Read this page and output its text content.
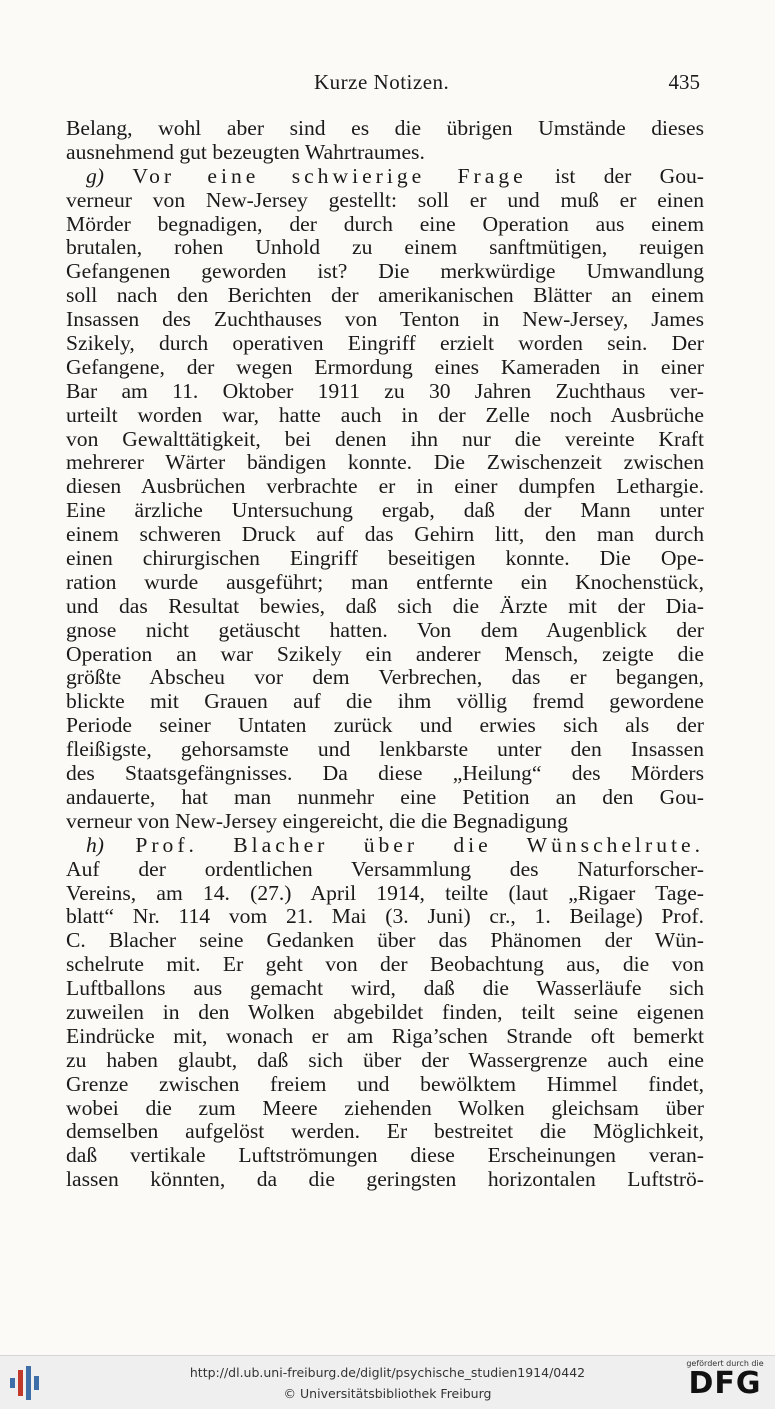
Kurze Notizen.	435
Belang, wohl aber sind es die übrigen Umstände dieses
ausnehmend gut bezeugten Wahrtraumes.
g) Vor eine schwierige Frage ist der Gou-
verneur von New-Jersey gestellt: soll er und muß er einen
Mörder begnadigen, der durch eine Operation aus einem
brutalen, rohen Unhold zu einem sanftmütigen, reuigen
Gefangenen geworden ist? Die merkwürdige Umwandlung
soll nach den Berichten der amerikanischen Blätter an einem
Insassen des Zuchthauses von Tenton in New-Jersey, James
Szikely, durch operativen Eingriff erzielt worden sein. Der
Gefangene, der wegen Ermordung eines Kameraden in einer
Bar am 11. Oktober 1911 zu 30 Jahren Zuchthaus ver-
urteilt worden war, hatte auch in der Zelle noch Ausbrüche
von Gewalttätigkeit, bei denen ihn nur die vereinte Kraft
mehrerer Wärter bändigen konnte. Die Zwischenzeit zwischen
diesen Ausbrüchen verbrachte er in einer dumpfen Lethargie.
Eine ärzliche Untersuchung ergab, daß der Mann unter
einem schweren Druck auf das Gehirn litt, den man durch
einen chirurgischen Eingriff beseitigen konnte. Die Ope-
ration wurde ausgeführt; man entfernte ein Knochenstück,
und das Resultat bewies, daß sich die Ärzte mit der Dia-
gnose nicht getäuscht hatten. Von dem Augenblick der
Operation an war Szikely ein anderer Mensch, zeigte die
größte Abscheu vor dem Verbrechen, das er begangen,
blickte mit Grauen auf die ihm völlig fremd gewordene
Periode seiner Untaten zurück und erwies sich als der
fleißigste, gehorsamste und lenkbarste unter den Insassen
des Staatsgefängnisses. Da diese „Heilung“ des Mörders
andauerte, hat man nunmehr eine Petition an den Gou-
verneur von New-Jersey eingereicht, die die Begnadigung
h) Prof. Blacher über die Wünschelrute.
Auf der ordentlichen Versammlung des Naturforscher-
Vereins, am 14. (27.) April 1914, teilte (laut „Rigaer Tage-
blatt“ Nr. 114 vom 21. Mai (3. Juni) cr., 1. Beilage) Prof.
C. Blacher seine Gedanken über das Phänomen der Wün-
schelrute mit. Er geht von der Beobachtung aus, die von
Luftballons aus gemacht wird, daß die Wasserläufe sich
zuweilen in den Wolken abgebildet finden, teilt seine eigenen
Eindrücke mit, wonach er am Riga’schen Strande oft bemerkt
zu haben glaubt, daß sich über der Wassergrenze auch eine
Grenze zwischen freiem und bewölktem Himmel findet,
wobei die zum Meere ziehenden Wolken gleichsam über
demselben aufgelöst werden. Er bestreitet die Möglichkeit,
daß vertikale Luftströmungen diese Erscheinungen veran-
lassen könnten, da die geringsten horizontalen Luftströ-
http://dl.ub.uni-freiburg.de/diglit/psychische_studien1914/0442
© Universitätsbibliothek Freiburg
gefördert durch die
DFG
